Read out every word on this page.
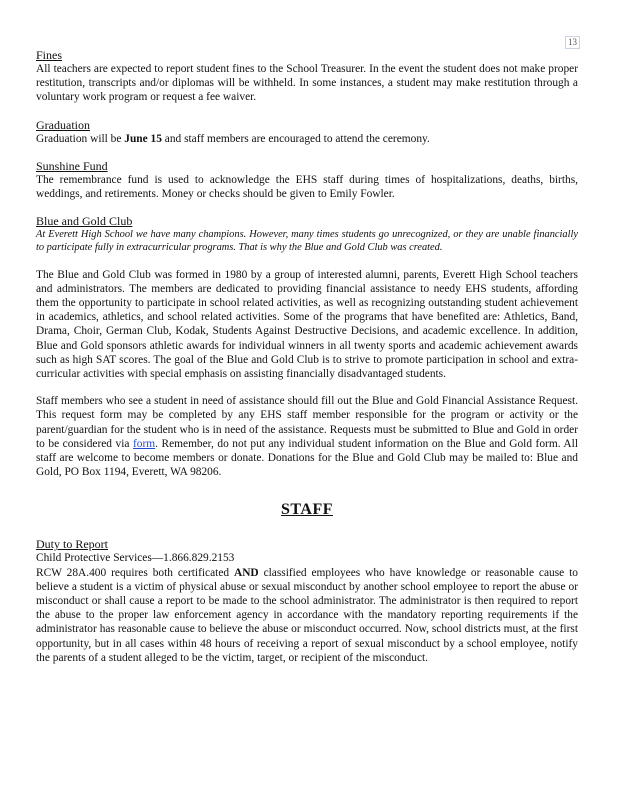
13
Fines

All teachers are expected to report student fines to the School Treasurer. In the event the student does not make proper restitution, transcripts and/or diplomas will be withheld. In some instances, a student may make restitution through a voluntary work program or request a fee waiver.

Graduation

Graduation will be June 15 and staff members are encouraged to attend the ceremony.

Sunshine Fund

The remembrance fund is used to acknowledge the EHS staff during times of hospitalizations, deaths, births, weddings, and retirements. Money or checks should be given to Emily Fowler.

Blue and Gold Club

At Everett High School we have many champions. However, many times students go unrecognized, or they are unable financially to participate fully in extracurricular programs. That is why the Blue and Gold Club was created.

The Blue and Gold Club was formed in 1980 by a group of interested alumni, parents, Everett High School teachers and administrators. The members are dedicated to providing financial assistance to needy EHS students, affording them the opportunity to participate in school related activities, as well as recognizing outstanding student achievement in academics, athletics, and school related activities. Some of the programs that have benefited are: Athletics, Band, Drama, Choir, German Club, Kodak, Students Against Destructive Decisions, and academic excellence. In addition, Blue and Gold sponsors athletic awards for individual winners in all twenty sports and academic achievement awards such as high SAT scores. The goal of the Blue and Gold Club is to strive to promote participation in school and extra-curricular activities with special emphasis on assisting financially disadvantaged students.

Staff members who see a student in need of assistance should fill out the Blue and Gold Financial Assistance Request. This request form may be completed by any EHS staff member responsible for the program or activity or the parent/guardian for the student who is in need of the assistance. Requests must be submitted to Blue and Gold in order to be considered via form. Remember, do not put any individual student information on the Blue and Gold form. All staff are welcome to become members or donate. Donations for the Blue and Gold Club may be mailed to: Blue and Gold, PO Box 1194, Everett, WA 98206.

STAFF
Duty to Report

Child Protective Services—1.866.829.2153

RCW 28A.400 requires both certificated AND classified employees who have knowledge or reasonable cause to believe a student is a victim of physical abuse or sexual misconduct by another school employee to report the abuse or misconduct or shall cause a report to be made to the school administrator. The administrator is then required to report the abuse to the proper law enforcement agency in accordance with the mandatory reporting requirements if the administrator has reasonable cause to believe the abuse or misconduct occurred. Now, school districts must, at the first opportunity, but in all cases within 48 hours of receiving a report of sexual misconduct by a school employee, notify the parents of a student alleged to be the victim, target, or recipient of the misconduct.
